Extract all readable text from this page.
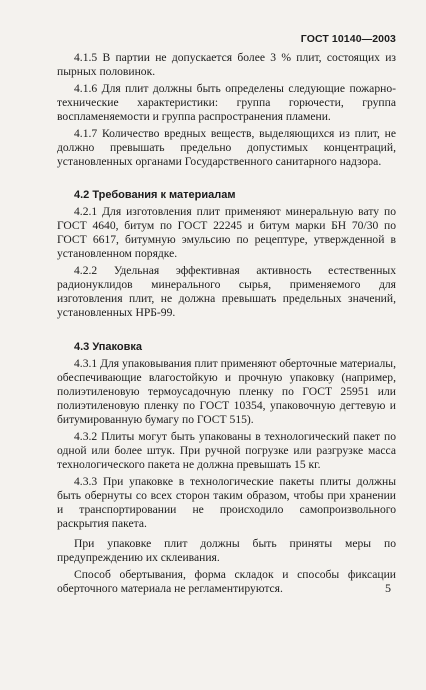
ГОСТ 10140—2003

4.1.5 В партии не допускается более 3 % плит, состоящих из пырных половинок.

4.1.6 Для плит должны быть определены следующие пожарно-технические характеристики: группа горючести, группа воспламеняемости и группа распространения пламени.

4.1.7 Количество вредных веществ, выделяющихся из плит, не должно превышать предельно допустимых концентраций, установленных органами Государственного санитарного надзора.

4.2 Требования к материалам

4.2.1 Для изготовления плит применяют минеральную вату по ГОСТ 4640, битум по ГОСТ 22245 и битум марки БН 70/30 по ГОСТ 6617, битумную эмульсию по рецептуре, утвержденной в установленном порядке.

4.2.2 Удельная эффективная активность естественных радионуклидов минерального сырья, применяемого для изготовления плит, не должна превышать предельных значений, установленных НРБ-99.

4.3 Упаковка

4.3.1 Для упаковывания плит применяют оберточные материалы, обеспечивающие влагостойкую и прочную упаковку (например, полиэтиленовую термоусадочную пленку по ГОСТ 25951 или полиэтиленовую пленку по ГОСТ 10354, упаковочную дегтевую и битумированную бумагу по ГОСТ 515).

4.3.2 Плиты могут быть упакованы в технологический пакет по одной или более штук. При ручной погрузке или разгрузке масса технологического пакета не должна превышать 15 кг.

4.3.3 При упаковке в технологические пакеты плиты должны быть обернуты со всех сторон таким образом, чтобы при хранении и транспортировании не происходило самопроизвольного раскрытия пакета.

При упаковке плит должны быть приняты меры по предупреждению их склеивания.

Способ обертывания, форма складок и способы фиксации оберточного материала не регламентируются.	5
